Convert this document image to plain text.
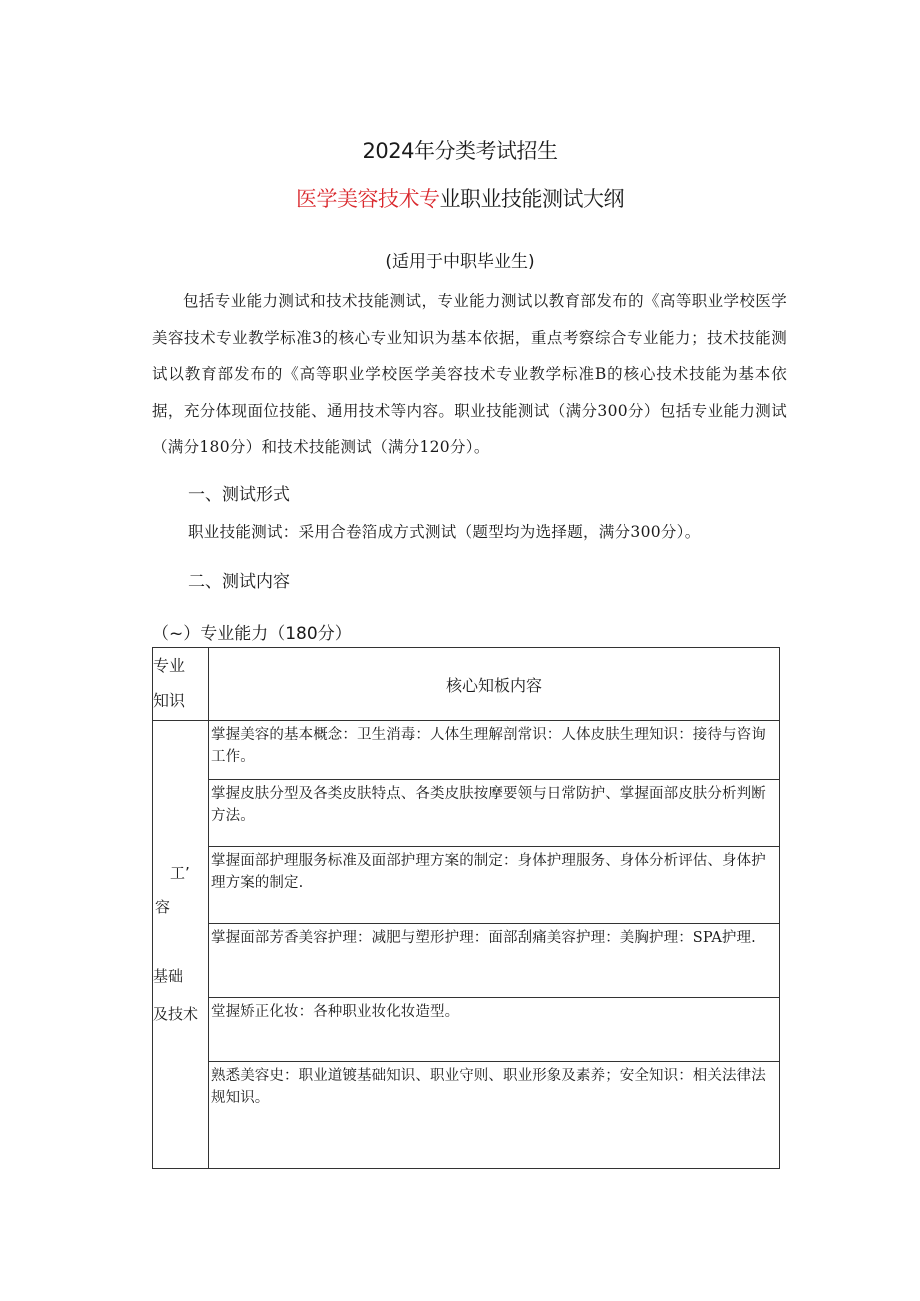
2024年分类考试招生
医学美容技术专业职业技能测试大纲
(适用于中职毕业生)

包括专业能力测试和技术技能测试，专业能力测试以教育部发布的《高等职业学校医学美容技术专业教学标准3的核心专业知识为基本依据，重点考察综合专业能力；技术技能测试以教育部发布的《高等职业学校医学美容技术专业教学标准B的核心技术技能为基本依据，充分体现面位技能、通用技术等内容。职业技能测试（满分300分）包括专业能力测试（满分180分）和技术技能测试（满分120分）。

一、测试形式
职业技能测试：采用合卷箔成方式测试（题型均为选择题，满分300分）。
二、测试内容
（~）专业能力（180分）
专业
知识	核心知板内容

工’
容
基础
及技术	掌握美容的基本概念：卫生消毒：人体生理解剖常识：人体皮肤生理知识：接待与咨询工作。

	掌握皮肤分型及各类皮肤特点、各类皮肤按摩要领与日常防护、掌握面部皮肤分析判断方法。

	掌握面部护理服务标准及面部护理方案的制定：身体护理服务、身体分析评估、身体护理方案的制定.

	掌握面部芳香美容护理：减肥与塑形护理：面部刮痛美容护理：美胸护理：SPA护理.

	堂握矫正化妆：各种职业妆化妆造型。

	熟悉美容史：职业道镀基础知识、职业守则、职业形象及素养；安全知识：相关法律法规知识。
